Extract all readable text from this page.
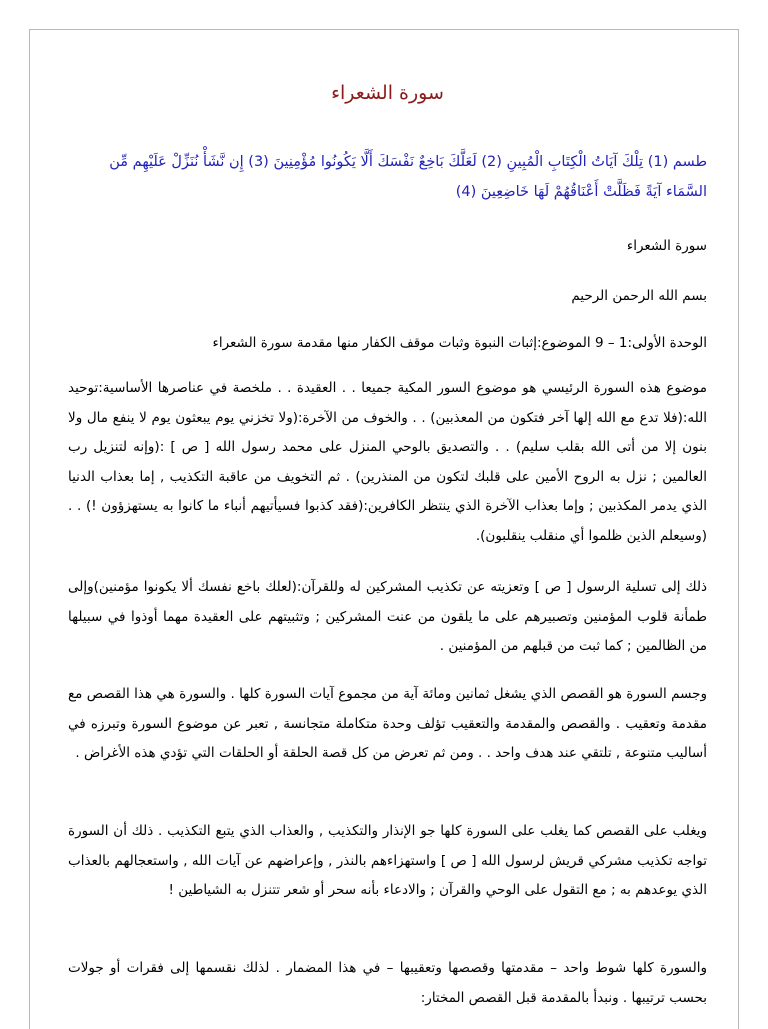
سورة الشعراء
طسم (1) تِلْكَ آيَاتُ الْكِتَابِ الْمُبِينِ (2) لَعَلَّكَ بَاخِعٌ نَفْسَكَ أَلَّا يَكُونُوا مُؤْمِنِينَ (3) إِن نَّشَأْ نُنَزِّلْ عَلَيْهِم مِّن السَّمَاء آيَةً فَظَلَّتْ أَعْنَاقُهُمْ لَهَا خَاضِعِينَ (4)
سورة الشعراء
بسم الله الرحمن الرحيم
الوحدة الأولى:1 – 9 الموضوع:إثبات النبوة وثبات موقف الكفار منها مقدمة سورة الشعراء
موضوع هذه السورة الرئيسي هو موضوع السور المكية جميعا . . العقيدة . . ملخصة في عناصرها الأساسية:توحيد الله:(فلا تدع مع الله إلها آخر فتكون من المعذبين) . . والخوف من الآخرة:(ولا تخزني يوم يبعثون يوم لا ينفع مال ولا بنون إلا من أتى الله بقلب سليم) . . والتصديق بالوحي المنزل على محمد رسول الله [ ص ] :(وإنه لتنزيل رب العالمين ; نزل به الروح الأمين على قلبك لتكون من المنذرين) . ثم التخويف من عاقبة التكذيب , إما بعذاب الدنيا الذي يدمر المكذبين ; وإما بعذاب الآخرة الذي ينتظر الكافرين:(فقد كذبوا فسيأتيهم أنباء ما كانوا به يستهزؤون !) . . (وسيعلم الذين ظلموا أي منقلب ينقلبون).
ذلك إلى تسلية الرسول [ ص ] وتعزيته عن تكذيب المشركين له وللقرآن:(لعلك باخع نفسك ألا يكونوا مؤمنين)وإلى طمأنة قلوب المؤمنين وتصبيرهم على ما يلقون من عنت المشركين ; وتثبيتهم على العقيدة مهما أوذوا في سبيلها من الظالمين ; كما ثبت من قبلهم من المؤمنين .
وجسم السورة هو القصص الذي يشغل ثمانين ومائة آية من مجموع آيات السورة كلها . والسورة هي هذا القصص مع مقدمة وتعقيب . والقصص والمقدمة والتعقيب تؤلف وحدة متكاملة متجانسة , تعبر عن موضوع السورة وتبرزه في أساليب متنوعة , تلتقي عند هدف واحد . . ومن ثم تعرض من كل قصة الحلقة أو الحلقات التي تؤدي هذه الأغراض .
ويغلب على القصص كما يغلب على السورة كلها جو الإنذار والتكذيب , والعذاب الذي يتبع التكذيب . ذلك أن السورة تواجه تكذيب مشركي قريش لرسول الله [ ص ] واستهزاءهم بالنذر , وإعراضهم عن آيات الله , واستعجالهم بالعذاب الذي يوعدهم به ; مع التقول على الوحي والقرآن ; والادعاء بأنه سحر أو شعر تتنزل به الشياطين !
والسورة كلها شوط واحد – مقدمتها وقصصها وتعقيبها – في هذا المضمار . لذلك نقسمها إلى فقرات أو جولات بحسب ترتيبها . ونبدأ بالمقدمة قبل القصص المختار:
